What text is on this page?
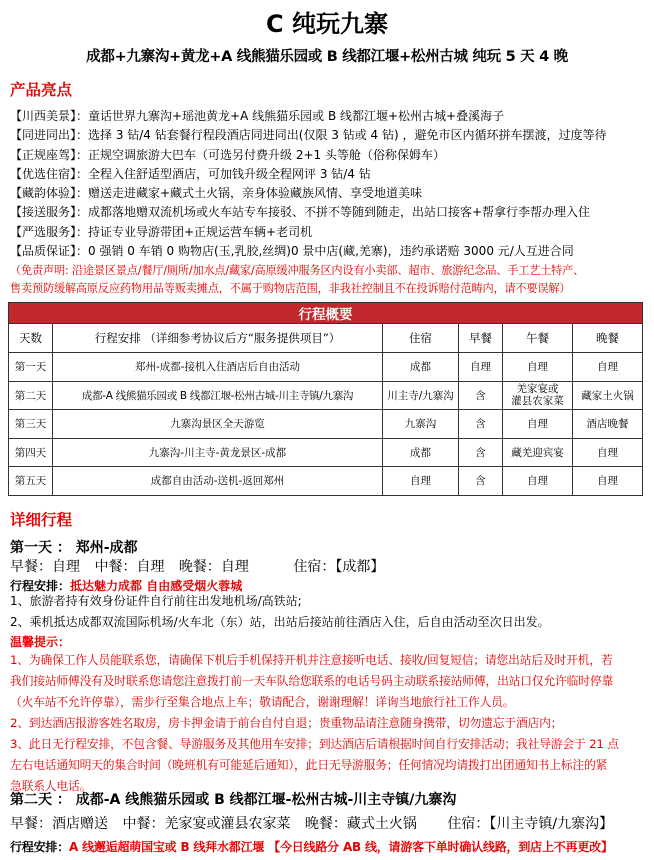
C 纯玩九寨
成都+九寨沟+黄龙+A 线熊猫乐园或 B 线都江堰+松州古城 纯玩 5 天 4 晚
产品亮点
【川西美景】：童话世界九寨沟+瑶池黄龙+A 线熊猫乐园或 B 线都江堰+松州古城+叠溪海子
【同进同出】：选择 3 钻/4 钻套餐行程段酒店同进同出(仅限 3 钻或 4 钻) ，避免市区内循环拼车摆渡，过度等待
【正规座驾】：正规空调旅游大巴车（可选另付费升级 2+1 头等舱（俗称保姆车）
【优选住宿】：全程入住舒适型酒店，可加钱升级全程网评 3 钻/4 钻
【藏韵体验】：赠送走进藏家+藏式土火锅，亲身体验藏族风情、享受地道美味
【接送服务】：成都落地赠双流机场或火车站专车接驳、不拼不等随到随走，出站口接客+帮拿行李帮办理入住
【严选服务】：持证专业导游带团+正规运营车辆+老司机
【品质保证】：0 强销 0 车销 0 购物店(玉,乳胶,丝绸)0 景中店(藏,羌寨)，违约承诺赔 3000 元/人互进合同
（免责声明: 沿途景区景点/餐厅/厕所/加水点/藏家/高原缓冲服务区内设有小卖部、超市、旅游纪念品、手工艺土特产、
售卖预防缓解高原反应药物用品等贩卖摊点，不属于购物店范围，非我社控制且不在投诉赔付范畴内，请不要误解）
行程概要					
天数	行程安排 （详细参考协议后方“服务提供项目”）	住宿	早餐	午餐	晚餐
第一天	郑州-成都-接机入住酒店后自由活动	成都	自理	自理	自理
第二天	成都-A 线熊猫乐园或 B 线都江堰-松州古城-川主寺镇/九寨沟	川主寺/九寨沟	含	羌家宴或
灌县农家菜	藏家土火锅
第三天	九寨沟景区全天游览	九寨沟	含	自理	酒店晚餐
第四天	九寨沟-川主寺-黄龙景区-成都	成都	含	藏羌迎宾宴	自理
第五天	成都自由活动-送机-返回郑州	自理	含	自理	自理
详细行程
第一天 ： 郑州-成都
早餐：自理 中餐：自理 晚餐：自理	住宿：【成都】
行程安排：抵达魅力成都 自由感受烟火蓉城
1、旅游者持有效身份证件自行前往出发地机场/高铁站;
2、乘机抵达成都双流国际机场/火车北（东）站，出站后接站前往酒店入住，后自由活动至次日出发。
温馨提示：
1、为确保工作人员能联系您，请确保下机后手机保持开机并注意接听电话、接收/回复短信；请您出站后及时开机，若
我们接站师傅没有及时联系您请您注意拨打前一天车队给您联系的电话号码主动联系接站师傅，出站口仅允许临时停靠
（火车站不允许停靠），需步行至集合地点上车；敬请配合，谢谢理解！详询当地旅行社工作人员。
2、到达酒店报游客姓名取房，房卡押金请于前台自付自退；贵重物品请注意随身携带，切勿遗忘于酒店内；
3、此日无行程安排，不包含餐、导游服务及其他用车安排；到达酒店后请根据时间自行安排活动；我社导游会于 21 点
左右电话通知明天的集合时间（晚班机有可能延后通知），此日无导游服务；任何情况均请拨打出团通知书上标注的紧
急联系人电话。
第二天 ： 成都-A 线熊猫乐园或 B 线都江堰-松州古城-川主寺镇/九寨沟
早餐：酒店赠送 中餐：羌家宴或灌县农家菜 晚餐：藏式土火锅 住宿：【川主寺镇/九寨沟】
行程安排：A 线邂逅超萌国宝或 B 线拜水都江堰 【今日线路分 AB 线，请游客下单时确认线路，到店上不再更改】
